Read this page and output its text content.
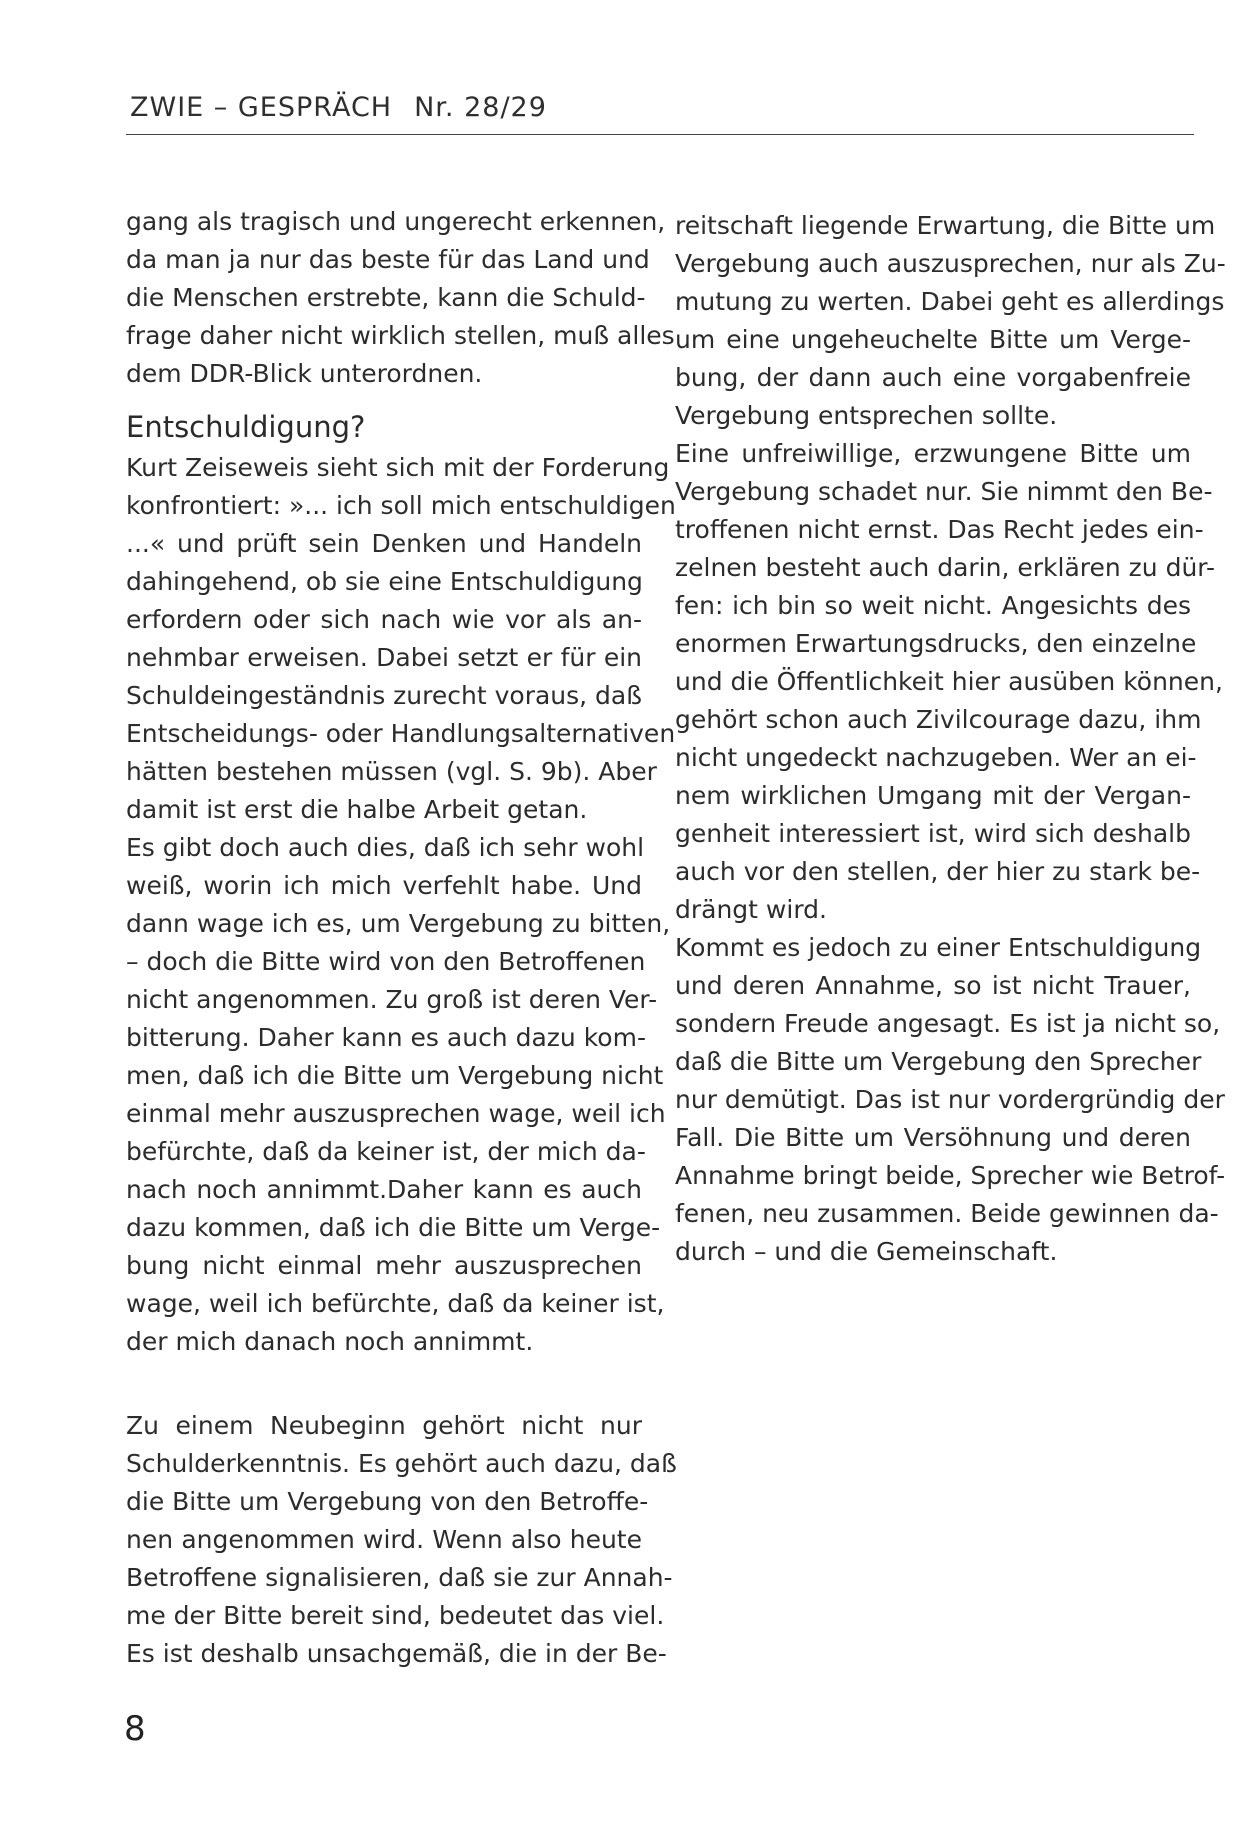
ZWIE – GESPRÄCH Nr. 28/29
gang als tragisch und ungerecht erkennen,
da man ja nur das beste für das Land und
die Menschen erstrebte, kann die Schuld-
frage daher nicht wirklich stellen, muß alles
dem DDR-Blick unterordnen.
Entschuldigung?
Kurt Zeiseweis sieht sich mit der Forderung
konfrontiert: »... ich soll mich entschuldigen
...« und prüft sein Denken und Handeln
dahingehend, ob sie eine Entschuldigung
erfordern oder sich nach wie vor als an-
nehmbar erweisen. Dabei setzt er für ein
Schuldeingeständnis zurecht voraus, daß
Entscheidungs- oder Handlungsalternativen
hätten bestehen müssen (vgl. S. 9b). Aber
damit ist erst die halbe Arbeit getan.
Es gibt doch auch dies, daß ich sehr wohl
weiß, worin ich mich verfehlt habe. Und
dann wage ich es, um Vergebung zu bitten,
– doch die Bitte wird von den Betroffenen
nicht angenommen. Zu groß ist deren Ver-
bitterung. Daher kann es auch dazu kom-
men, daß ich die Bitte um Vergebung nicht
einmal mehr auszusprechen wage, weil ich
befürchte, daß da keiner ist, der mich da-
nach noch annimmt.Daher kann es auch
dazu kommen, daß ich die Bitte um Verge-
bung nicht einmal mehr auszusprechen
wage, weil ich befürchte, daß da keiner ist,
der mich danach noch annimmt.
Zu einem Neubeginn gehört nicht nur
Schulderkenntnis. Es gehört auch dazu, daß
die Bitte um Vergebung von den Betroffe-
nen angenommen wird. Wenn also heute
Betroffene signalisieren, daß sie zur Annah-
me der Bitte bereit sind, bedeutet das viel.
Es ist deshalb unsachgemäß, die in der Be-
reitschaft liegende Erwartung, die Bitte um
Vergebung auch auszusprechen, nur als Zu-
mutung zu werten. Dabei geht es allerdings
um eine ungeheuchelte Bitte um Verge-
bung, der dann auch eine vorgabenfreie
Vergebung entsprechen sollte.
Eine unfreiwillige, erzwungene Bitte um
Vergebung schadet nur. Sie nimmt den Be-
troffenen nicht ernst. Das Recht jedes ein-
zelnen besteht auch darin, erklären zu dür-
fen: ich bin so weit nicht. Angesichts des
enormen Erwartungsdrucks, den einzelne
und die Öffentlichkeit hier ausüben können,
gehört schon auch Zivilcourage dazu, ihm
nicht ungedeckt nachzugeben. Wer an ei-
nem wirklichen Umgang mit der Vergan-
genheit interessiert ist, wird sich deshalb
auch vor den stellen, der hier zu stark be-
drängt wird.
Kommt es jedoch zu einer Entschuldigung
und deren Annahme, so ist nicht Trauer,
sondern Freude angesagt. Es ist ja nicht so,
daß die Bitte um Vergebung den Sprecher
nur demütigt. Das ist nur vordergründig der
Fall. Die Bitte um Versöhnung und deren
Annahme bringt beide, Sprecher wie Betrof-
fenen, neu zusammen. Beide gewinnen da-
durch – und die Gemeinschaft.
8
